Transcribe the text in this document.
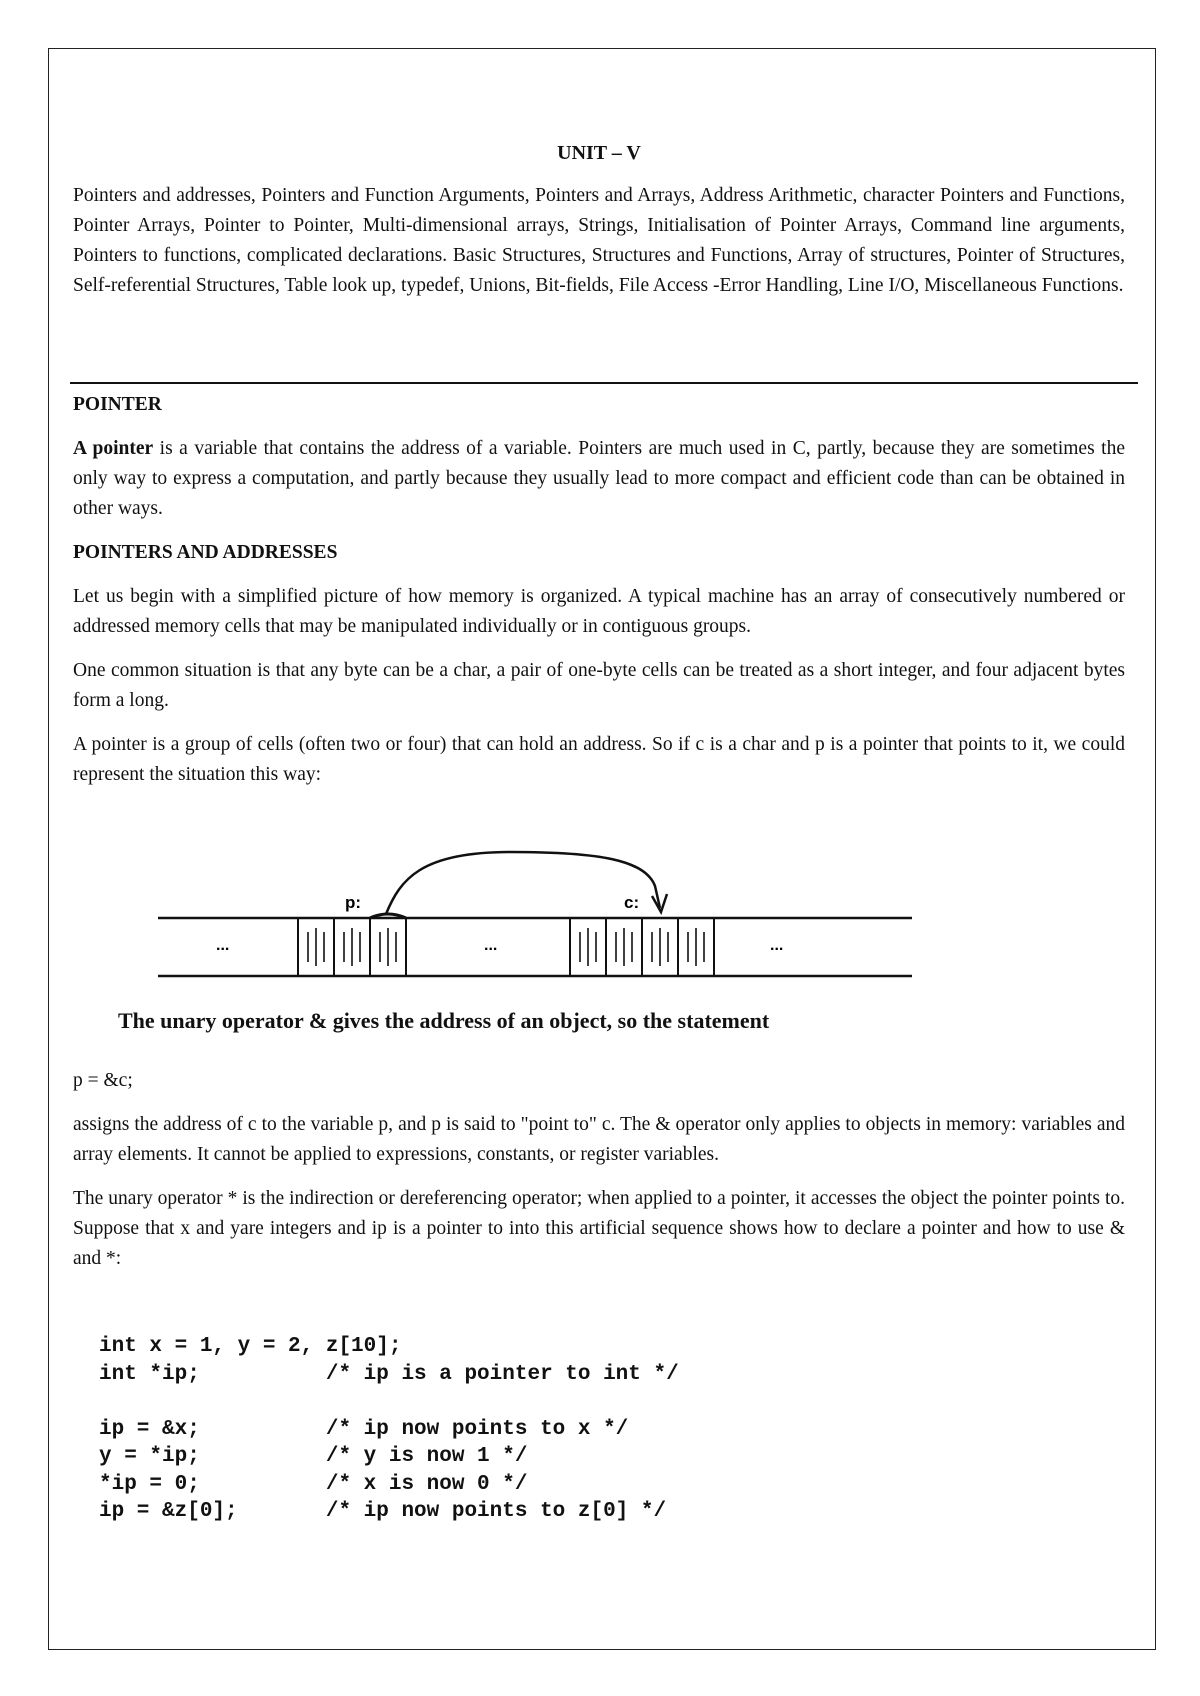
UNIT – V

Pointers and addresses, Pointers and Function Arguments, Pointers and Arrays, Address Arithmetic, character Pointers and Functions, Pointer Arrays, Pointer to Pointer, Multi-dimensional arrays, Strings, Initialisation of Pointer Arrays, Command line arguments, Pointers to functions, complicated declarations. Basic Structures, Structures and Functions, Array of structures, Pointer of Structures, Self-referential Structures, Table look up, typedef, Unions, Bit-fields, File Access -Error Handling, Line I/O, Miscellaneous Functions.

POINTER

A pointer is a variable that contains the address of a variable. Pointers are much used in C, partly, because they are sometimes the only way to express a computation, and partly because they usually lead to more compact and efficient code than can be obtained in other ways.

POINTERS AND ADDRESSES

Let us begin with a simplified picture of how memory is organized. A typical machine has an array of consecutively numbered or addressed memory cells that may be manipulated individually or in contiguous groups.

One common situation is that any byte can be a char, a pair of one-byte cells can be treated as a short integer, and four adjacent bytes form a long.

A pointer is a group of cells (often two or four) that can hold an address. So if c is a char and p is a pointer that points to it, we could represent the situation this way:

p:	c:
...	...	...
The unary operator & gives the address of an object, so the statement

p = &c;

assigns the address of c to the variable p, and p is said to "point to" c. The & operator only applies to objects in memory: variables and array elements. It cannot be applied to expressions, constants, or register variables.

The unary operator * is the indirection or dereferencing operator; when applied to a pointer, it accesses the object the pointer points to. Suppose that x and yare integers and ip is a pointer to into this artificial sequence shows how to declare a pointer and how to use & and *:

int x = 1, y = 2, z[10];
int *ip;          /* ip is a pointer to int */
ip = &x;          /* ip now points to x */
y = *ip;          /* y is now 1 */
*ip = 0;          /* x is now 0 */
ip = &z[0];       /* ip now points to z[0] */
